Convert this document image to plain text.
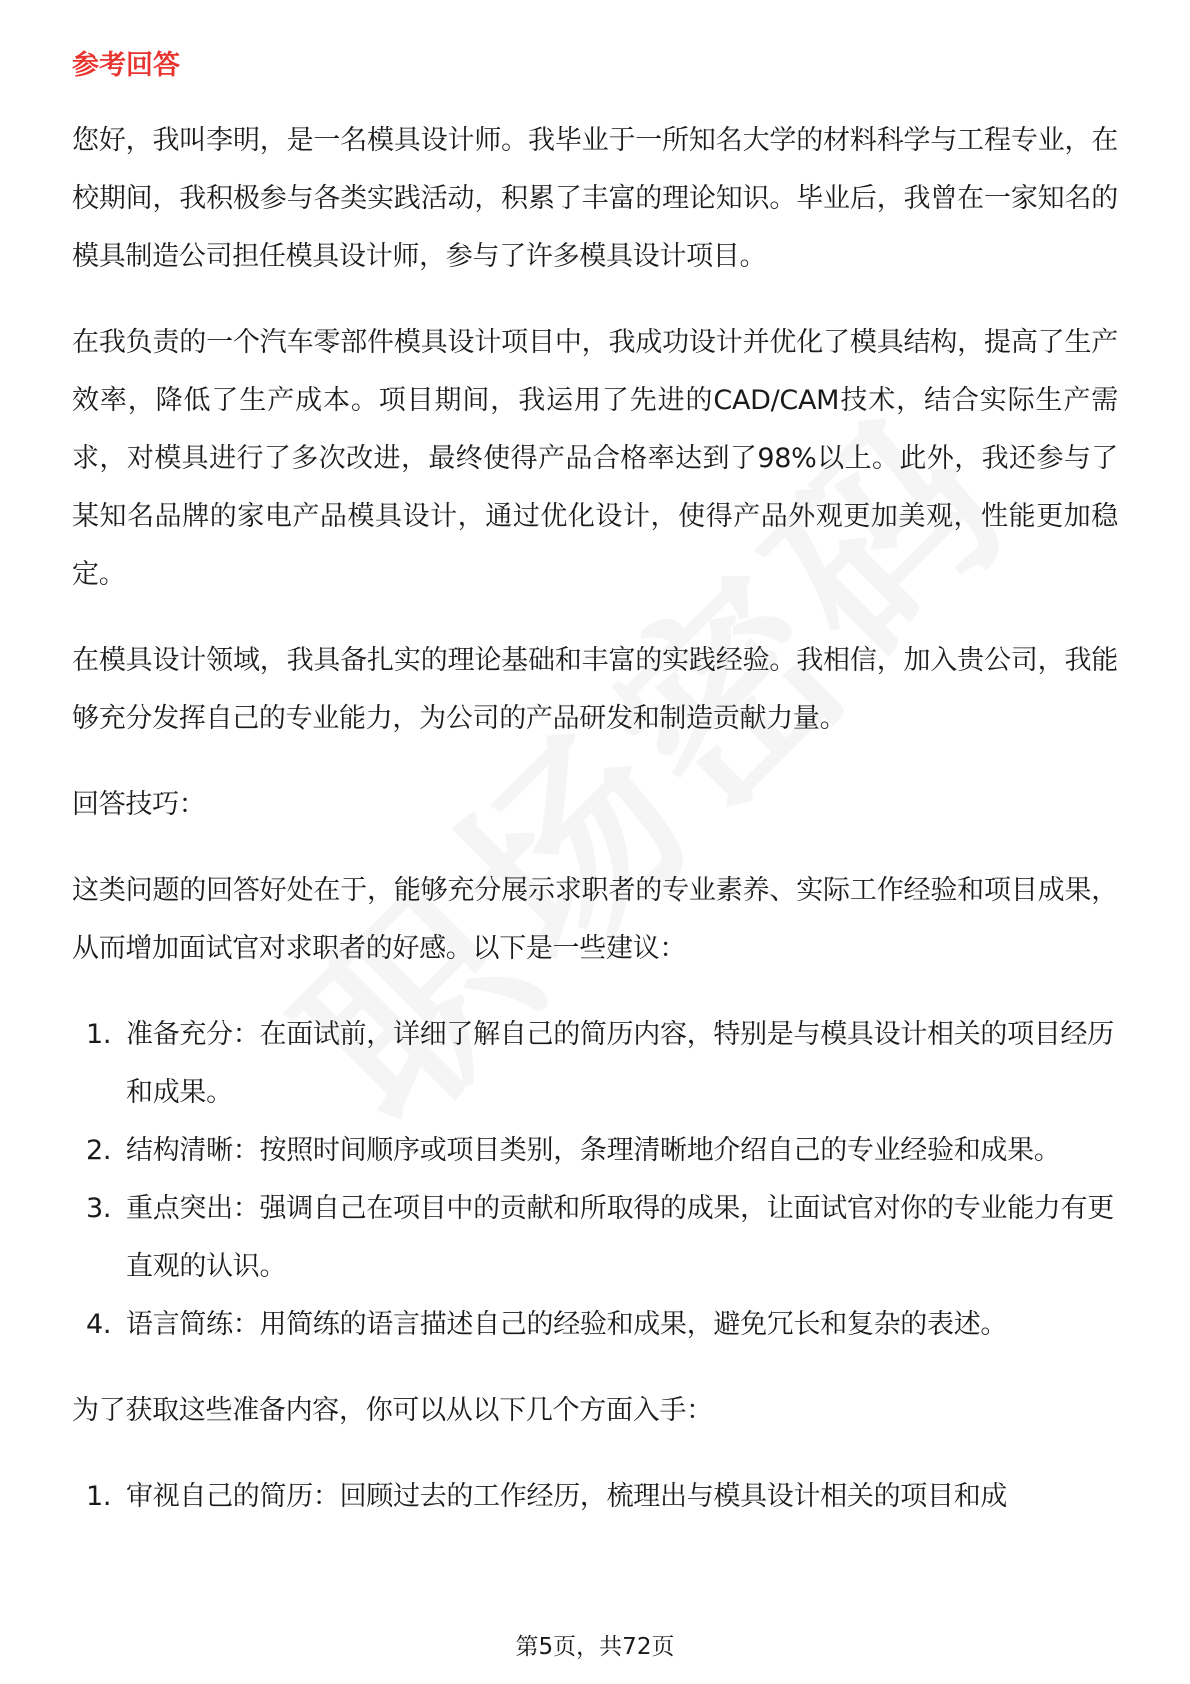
参考回答

您好，我叫李明，是一名模具设计师。我毕业于一所知名大学的材料科学与工程专业，在校期间，我积极参与各类实践活动，积累了丰富的理论知识。毕业后，我曾在一家知名的模具制造公司担任模具设计师，参与了许多模具设计项目。

在我负责的一个汽车零部件模具设计项目中，我成功设计并优化了模具结构，提高了生产效率，降低了生产成本。项目期间，我运用了先进的CAD/CAM技术，结合实际生产需求，对模具进行了多次改进，最终使得产品合格率达到了98%以上。此外，我还参与了某知名品牌的家电产品模具设计，通过优化设计，使得产品外观更加美观，性能更加稳定。

在模具设计领域，我具备扎实的理论基础和丰富的实践经验。我相信，加入贵公司，我能够充分发挥自己的专业能力，为公司的产品研发和制造贡献力量。

回答技巧：

这类问题的回答好处在于，能够充分展示求职者的专业素养、实际工作经验和项目成果，从而增加面试官对求职者的好感。以下是一些建议：

1. 准备充分：在面试前，详细了解自己的简历内容，特别是与模具设计相关的项目经历和成果。
2. 结构清晰：按照时间顺序或项目类别，条理清晰地介绍自己的专业经验和成果。
3. 重点突出：强调自己在项目中的贡献和所取得的成果，让面试官对你的专业能力有更直观的认识。
4. 语言简练：用简练的语言描述自己的经验和成果，避免冗长和复杂的表述。

为了获取这些准备内容，你可以从以下几个方面入手：

1. 审视自己的简历：回顾过去的工作经历，梳理出与模具设计相关的项目和成
第5页，共72页
